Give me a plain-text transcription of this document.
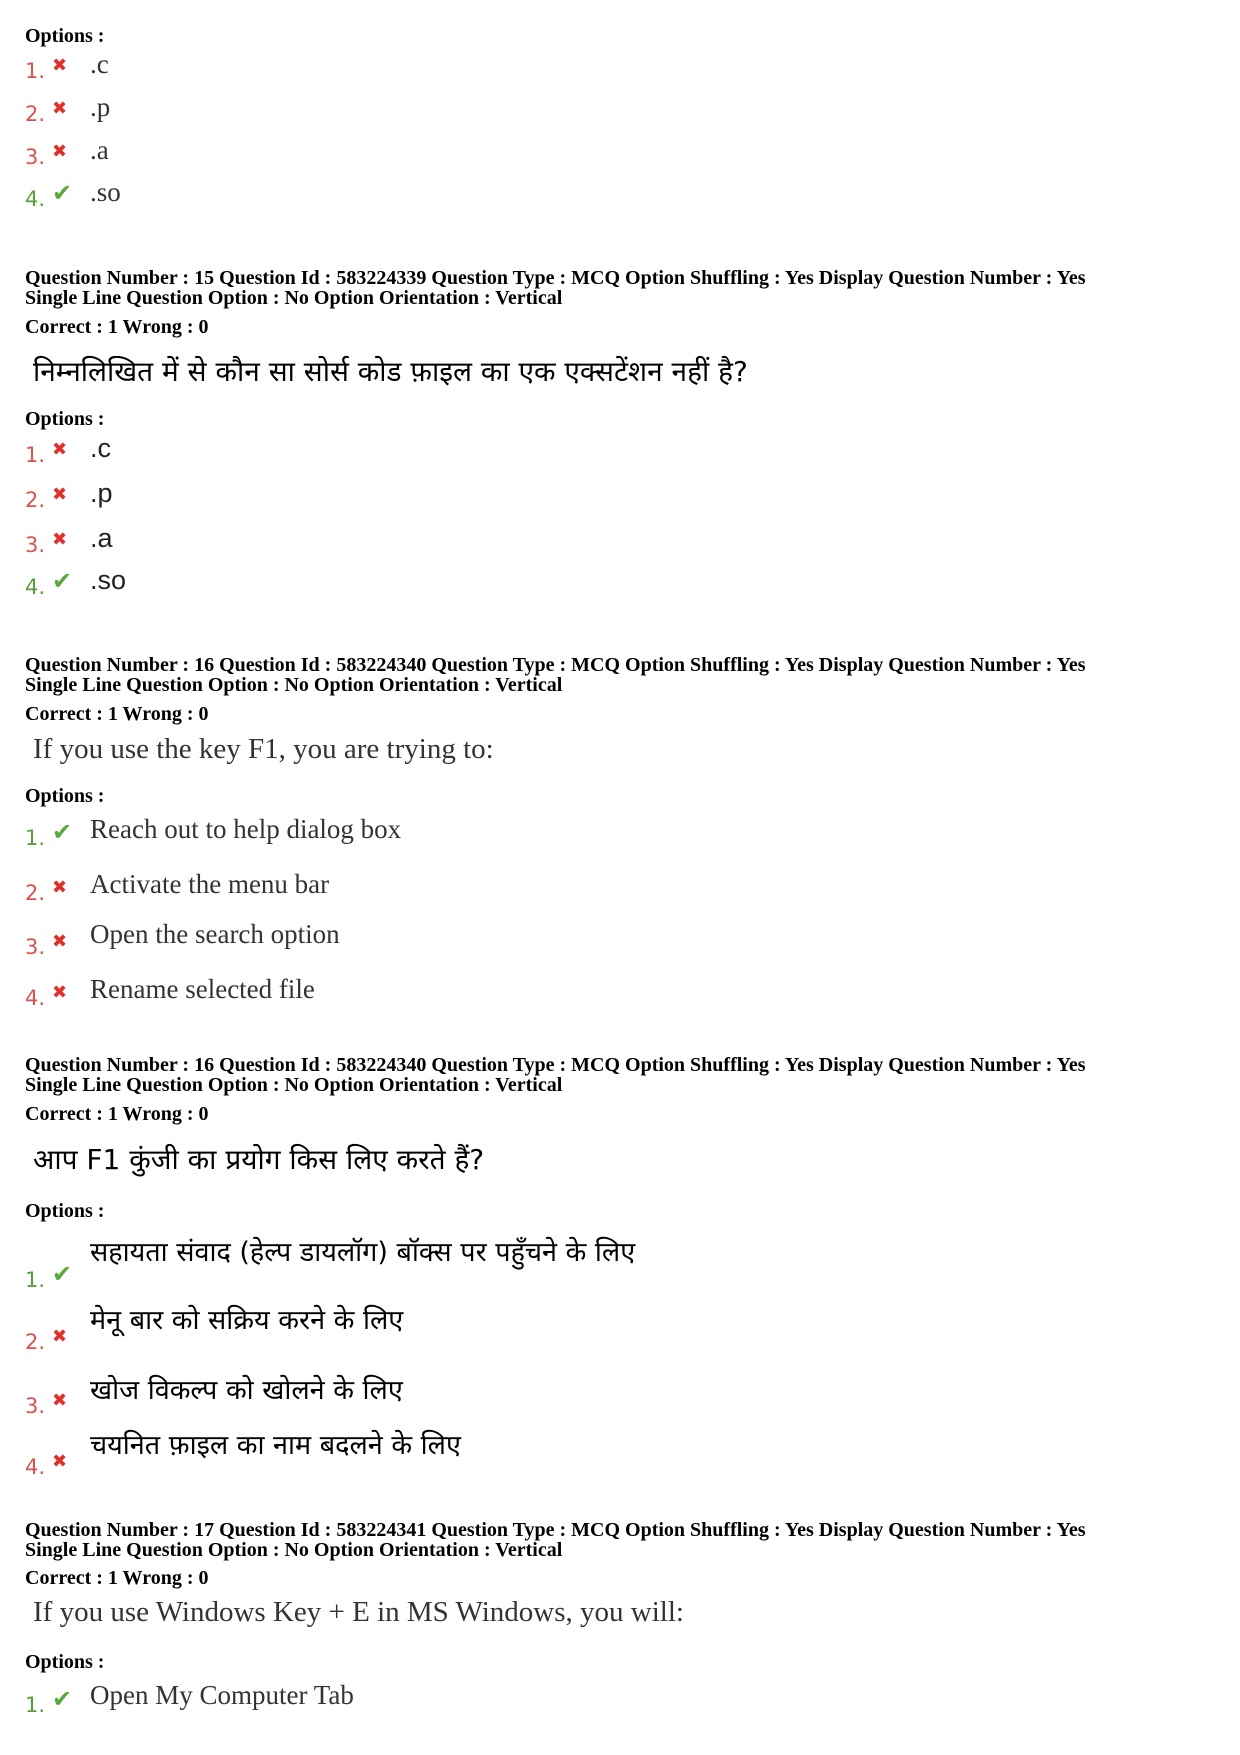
Options :
1. ✖ .c
2. ✖ .p
3. ✖ .a
4. ✔ .so
Question Number : 15 Question Id : 583224339 Question Type : MCQ Option Shuffling : Yes Display Question Number : Yes
Single Line Question Option : No Option Orientation : Vertical
Correct : 1 Wrong : 0
निम्नलिखित में से कौन सा सोर्स कोड फ़ाइल का एक एक्सटेंशन नहीं है?
Options :
1. ✖ .c
2. ✖ .p
3. ✖ .a
4. ✔ .so
Question Number : 16 Question Id : 583224340 Question Type : MCQ Option Shuffling : Yes Display Question Number : Yes
Single Line Question Option : No Option Orientation : Vertical
Correct : 1 Wrong : 0
If you use the key F1, you are trying to:
Options :
1. ✔ Reach out to help dialog box
2. ✖ Activate the menu bar
3. ✖ Open the search option
4. ✖ Rename selected file
Question Number : 16 Question Id : 583224340 Question Type : MCQ Option Shuffling : Yes Display Question Number : Yes
Single Line Question Option : No Option Orientation : Vertical
Correct : 1 Wrong : 0
आप F1 कुंजी का प्रयोग किस लिए करते हैं?
Options :
1. ✔
सहायता संवाद (हेल्प डायलॉग) बॉक्स पर पहुँचने के लिए
2. ✖
मेनू बार को सक्रिय करने के लिए
3. ✖ खोज विकल्प को खोलने के लिए
4. ✖
चयनित फ़ाइल का नाम बदलने के लिए
Question Number : 17 Question Id : 583224341 Question Type : MCQ Option Shuffling : Yes Display Question Number : Yes
Single Line Question Option : No Option Orientation : Vertical
Correct : 1 Wrong : 0
If you use Windows Key + E in MS Windows, you will:
Options :
1. ✔ Open My Computer Tab
